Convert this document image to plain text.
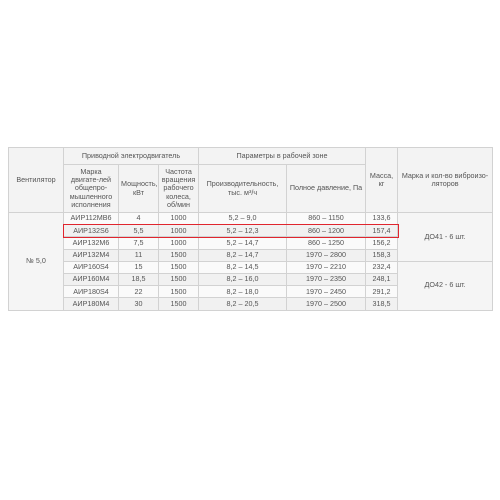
Вентилятор	Приводной электродвигатель			Параметры в рабочей зоне		Масса, кг	Марка и кол-во виброизо-ляторов
	Марка двигате-лей общепро-мышленного исполнения	Мощность, кВт	Частота вращения рабочего колеса, об/мин	Производительность, тыс. м³/ч	Полное давление, Па		
№ 5,0	АИР112МВ6	4	1000	5,2 – 9,0	860 – 1150	133,6	ДО41 - 6 шт.
	АИР132S6	5,5	1000	5,2 – 12,3	860 – 1200	157,4	
	АИР132М6	7,5	1000	5,2 – 14,7	860 – 1250	156,2	
	АИР132М4	11	1500	8,2 – 14,7	1970 – 2800	158,3	
	АИР160S4	15	1500	8,2 – 14,5	1970 – 2210	232,4	ДО42 - 6 шт.
	АИР160М4	18,5	1500	8,2 – 16,0	1970 – 2350	248,1	
	АИР180S4	22	1500	8,2 – 18,0	1970 – 2450	291,2	
	АИР180М4	30	1500	8,2 – 20,5	1970 – 2500	318,5	
